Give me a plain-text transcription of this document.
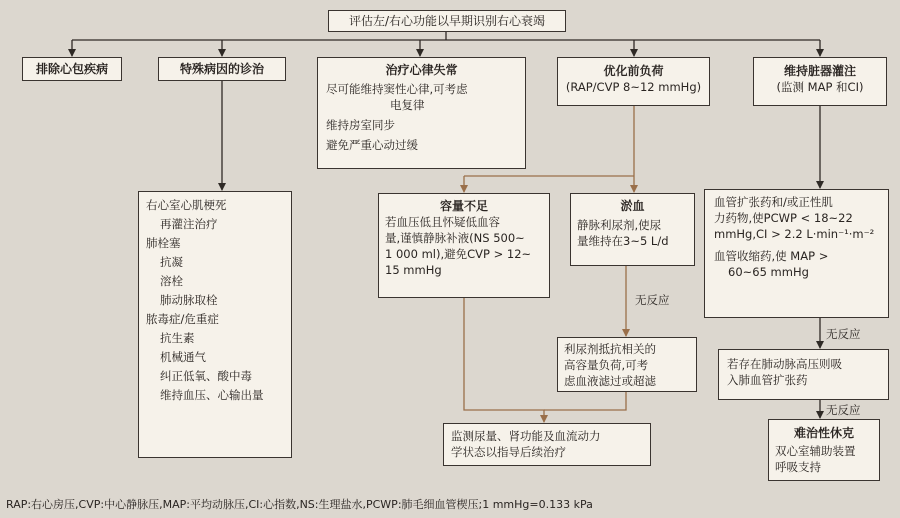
评估左/右心功能以早期识别右心衰竭
排除心包疾病	特殊病因的诊治	治疗心律失常
尽可能维持窦性心律,可考虑
电复律
维持房室同步
避免严重心动过缓
优化前负荷
(RAP/CVP 8~12 mmHg)
维持脏器灌注
(监测 MAP 和CI)
右心室心肌梗死
再灌注治疗
肺栓塞
抗凝
溶栓
肺动脉取栓
脓毒症/危重症
抗生素
机械通气
纠正低氧、酸中毒
维持血压、心输出量
容量不足
若血压低且怀疑低血容
量,谨慎静脉补液(NS 500~
1 000 ml),避免CVP > 12~
15 mmHg
淤血
静脉利尿剂,使尿
量维持在3~5 L/d
血管扩张药和/或正性肌
力药物,使PCWP < 18~22
mmHg,CI > 2.2 L·min⁻¹·m⁻²
血管收缩药,使 MAP >
60~65 mmHg
无反应
无反应
无反应
利尿剂抵抗相关的
高容量负荷,可考
虑血液滤过或超滤
若存在肺动脉高压则吸
入肺血管扩张药
监测尿量、肾功能及血流动力
学状态以指导后续治疗
难治性休克
双心室辅助装置
呼吸支持
RAP:右心房压,CVP:中心静脉压,MAP:平均动脉压,CI:心指数,NS:生理盐水,PCWP:肺毛细血管楔压;1 mmHg=0.133 kPa
